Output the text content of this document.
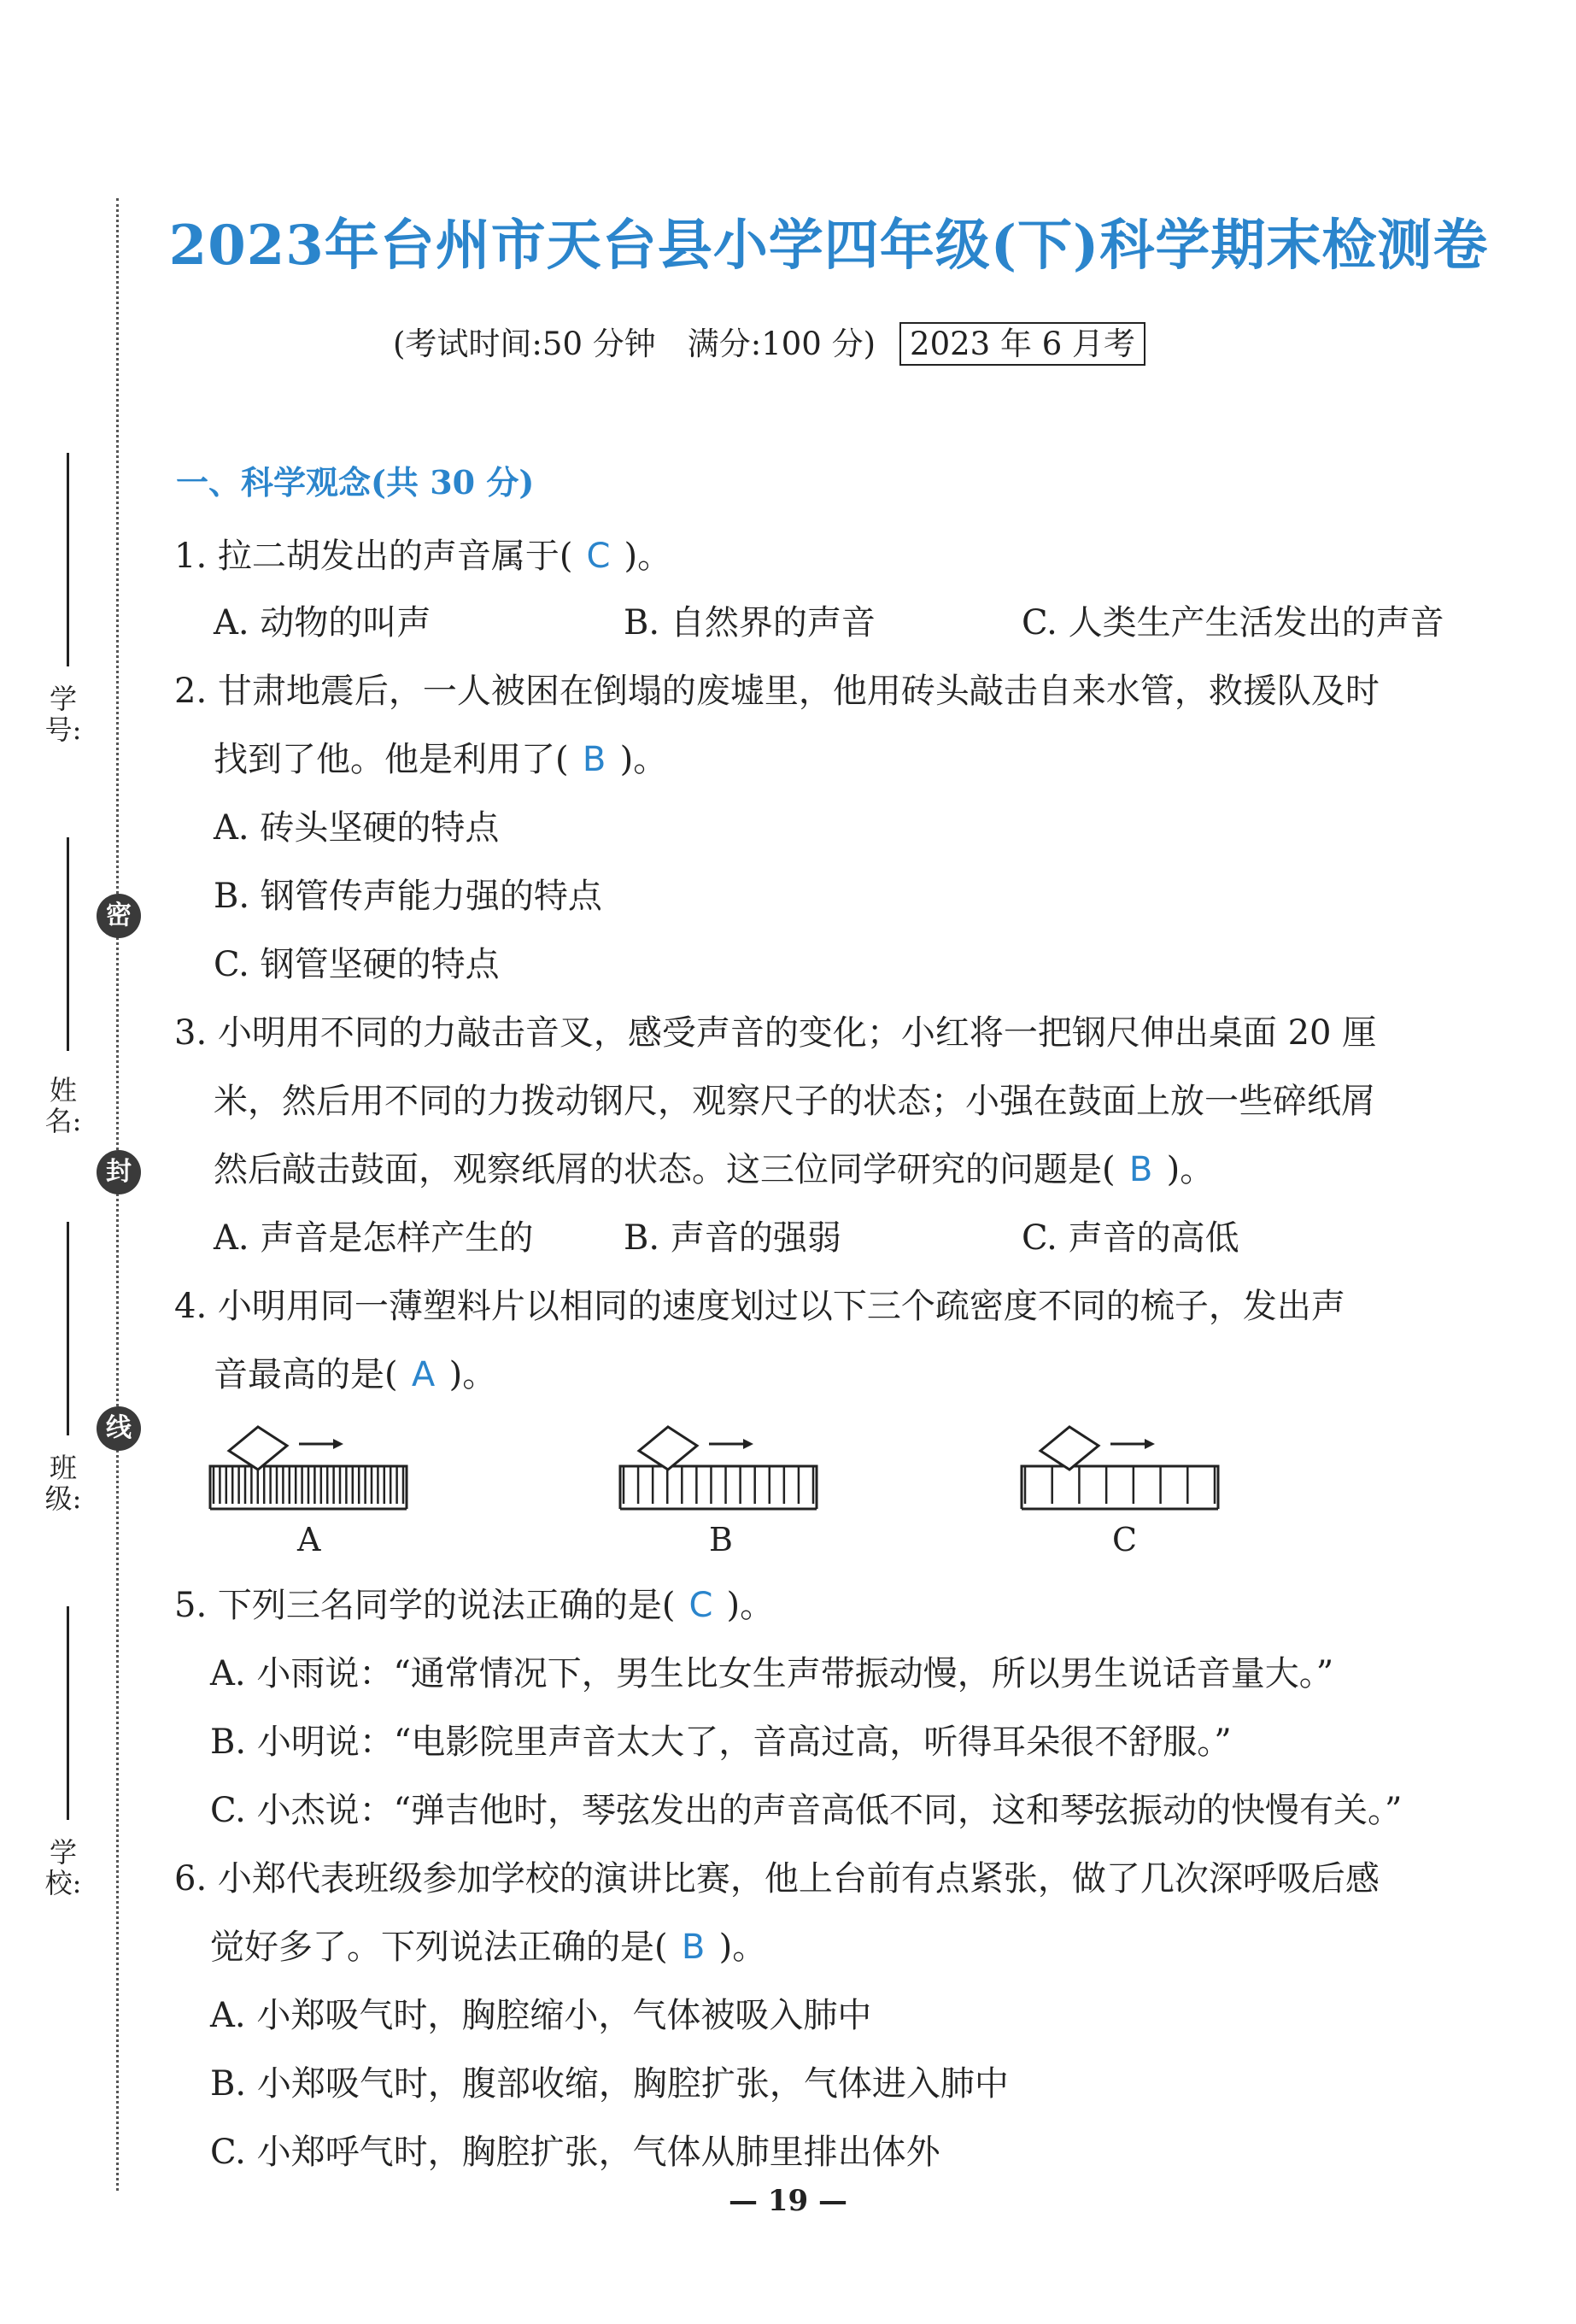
学号:
姓名:
班级:
学校:
密
封
线
2023年台州市天台县小学四年级(下)科学期末检测卷
(考试时间:50 分钟　满分:100 分) 2023 年 6 月考
一、科学观念(共 30 分)
1. 拉二胡发出的声音属于( C )。
A. 动物的叫声	B. 自然界的声音	C. 人类生产生活发出的声音
2. 甘肃地震后，一人被困在倒塌的废墟里，他用砖头敲击自来水管，救援队及时
找到了他。他是利用了( B )。
A. 砖头坚硬的特点
B. 钢管传声能力强的特点
C. 钢管坚硬的特点
3. 小明用不同的力敲击音叉，感受声音的变化；小红将一把钢尺伸出桌面 20 厘
米，然后用不同的力拨动钢尺，观察尺子的状态；小强在鼓面上放一些碎纸屑
然后敲击鼓面，观察纸屑的状态。这三位同学研究的问题是( B )。
A. 声音是怎样产生的	B. 声音的强弱	C. 声音的高低
4. 小明用同一薄塑料片以相同的速度划过以下三个疏密度不同的梳子，发出声
音最高的是( A )。
A	B	C
5. 下列三名同学的说法正确的是( C )。
A. 小雨说：“通常情况下，男生比女生声带振动慢，所以男生说话音量大。”
B. 小明说：“电影院里声音太大了，音高过高，听得耳朵很不舒服。”
C. 小杰说：“弹吉他时，琴弦发出的声音高低不同，这和琴弦振动的快慢有关。”
6. 小郑代表班级参加学校的演讲比赛，他上台前有点紧张，做了几次深呼吸后感
觉好多了。下列说法正确的是( B )。
A. 小郑吸气时，胸腔缩小，气体被吸入肺中
B. 小郑吸气时，腹部收缩，胸腔扩张，气体进入肺中
C. 小郑呼气时，胸腔扩张，气体从肺里排出体外
— 19 —
